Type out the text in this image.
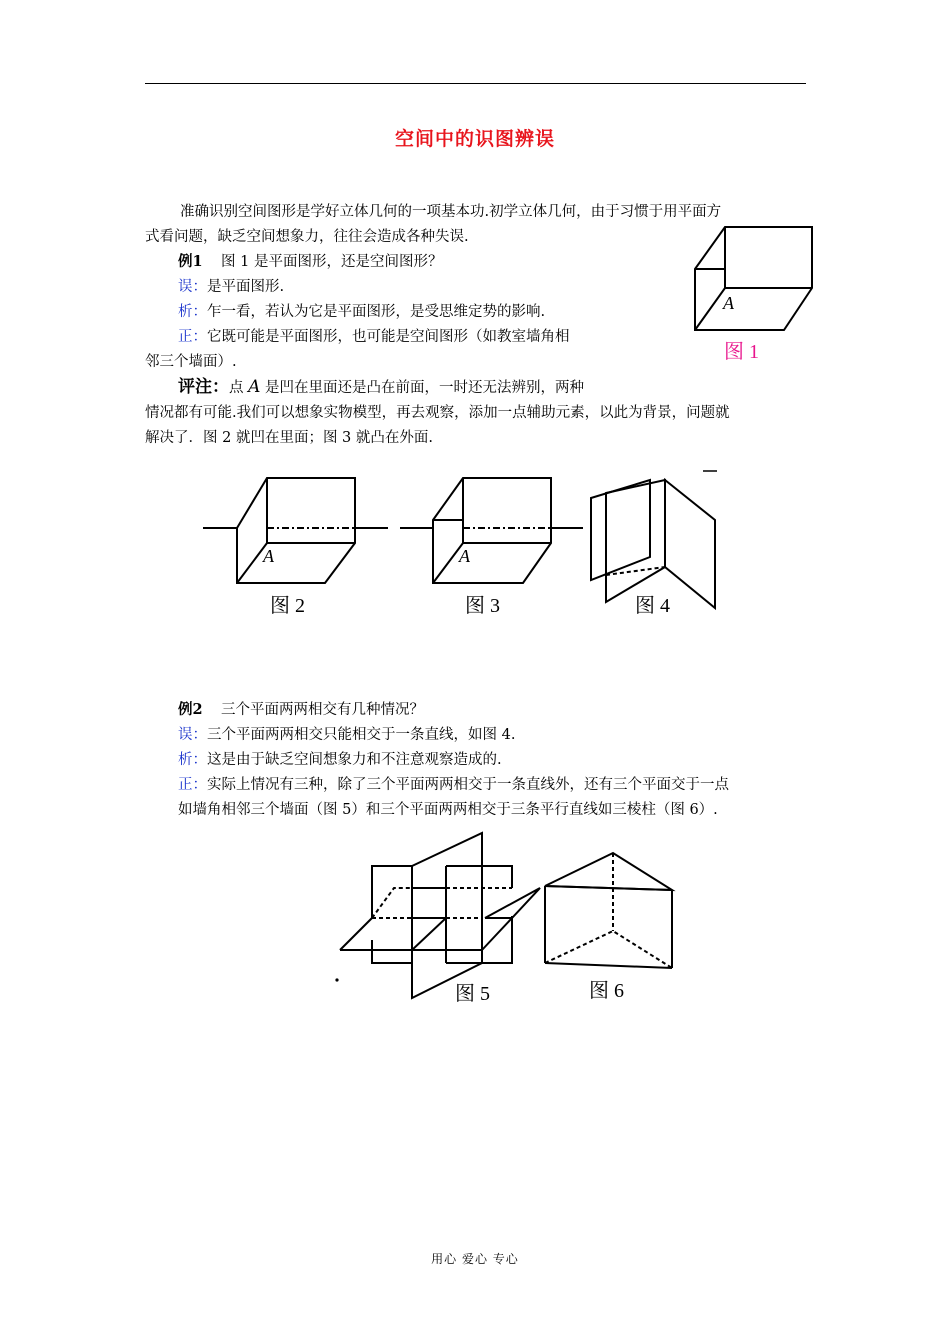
空间中的识图辨误
准确识别空间图形是学好立体几何的一项基本功.初学立体几何，由于习惯于用平面方
式看问题，缺乏空间想象力，往往会造成各种失误.
例1 图 1 是平面图形，还是空间图形？
误：是平面图形.
析：乍一看，若认为它是平面图形，是受思维定势的影响.
正：它既可能是平面图形，也可能是空间图形（如教室墙角相
邻三个墙面）.
评注：点 A 是凹在里面还是凸在前面，一时还无法辨别，两种
情况都有可能.我们可以想象实物模型，再去观察，添加一点辅助元素，以此为背景，问题就
解决了．图 2 就凹在里面；图 3 就凸在外面.
A
图 1
图 2	图 3	图 4
A	A
例2 三个平面两两相交有几种情况？
误：三个平面两两相交只能相交于一条直线，如图 4.
析：这是由于缺乏空间想象力和不注意观察造成的.
正：实际上情况有三种，除了三个平面两两相交于一条直线外，还有三个平面交于一点
如墙角相邻三个墙面（图 5）和三个平面两两相交于三条平行直线如三棱柱（图 6）.
图 5	图 6
用心 爱心 专心
